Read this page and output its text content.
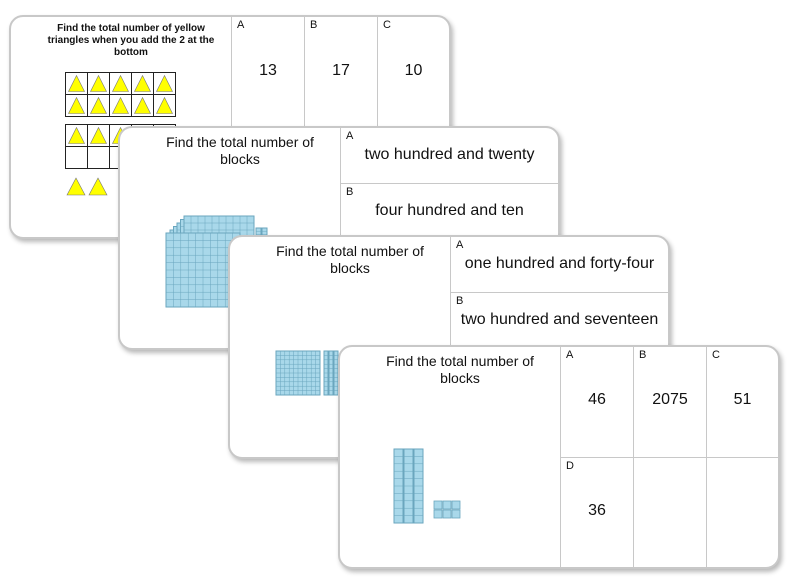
Find the total number of yellow triangles when you add the 2 at the bottom
A
13
B
17
C
10
Find the total number of blocks
A
two hundred and twenty
B
four hundred and ten
Find the total number of blocks
A
one hundred and forty-four
B
two hundred and seventeen
Find the total number of blocks
A
46
B
2075
C
51
D
36
